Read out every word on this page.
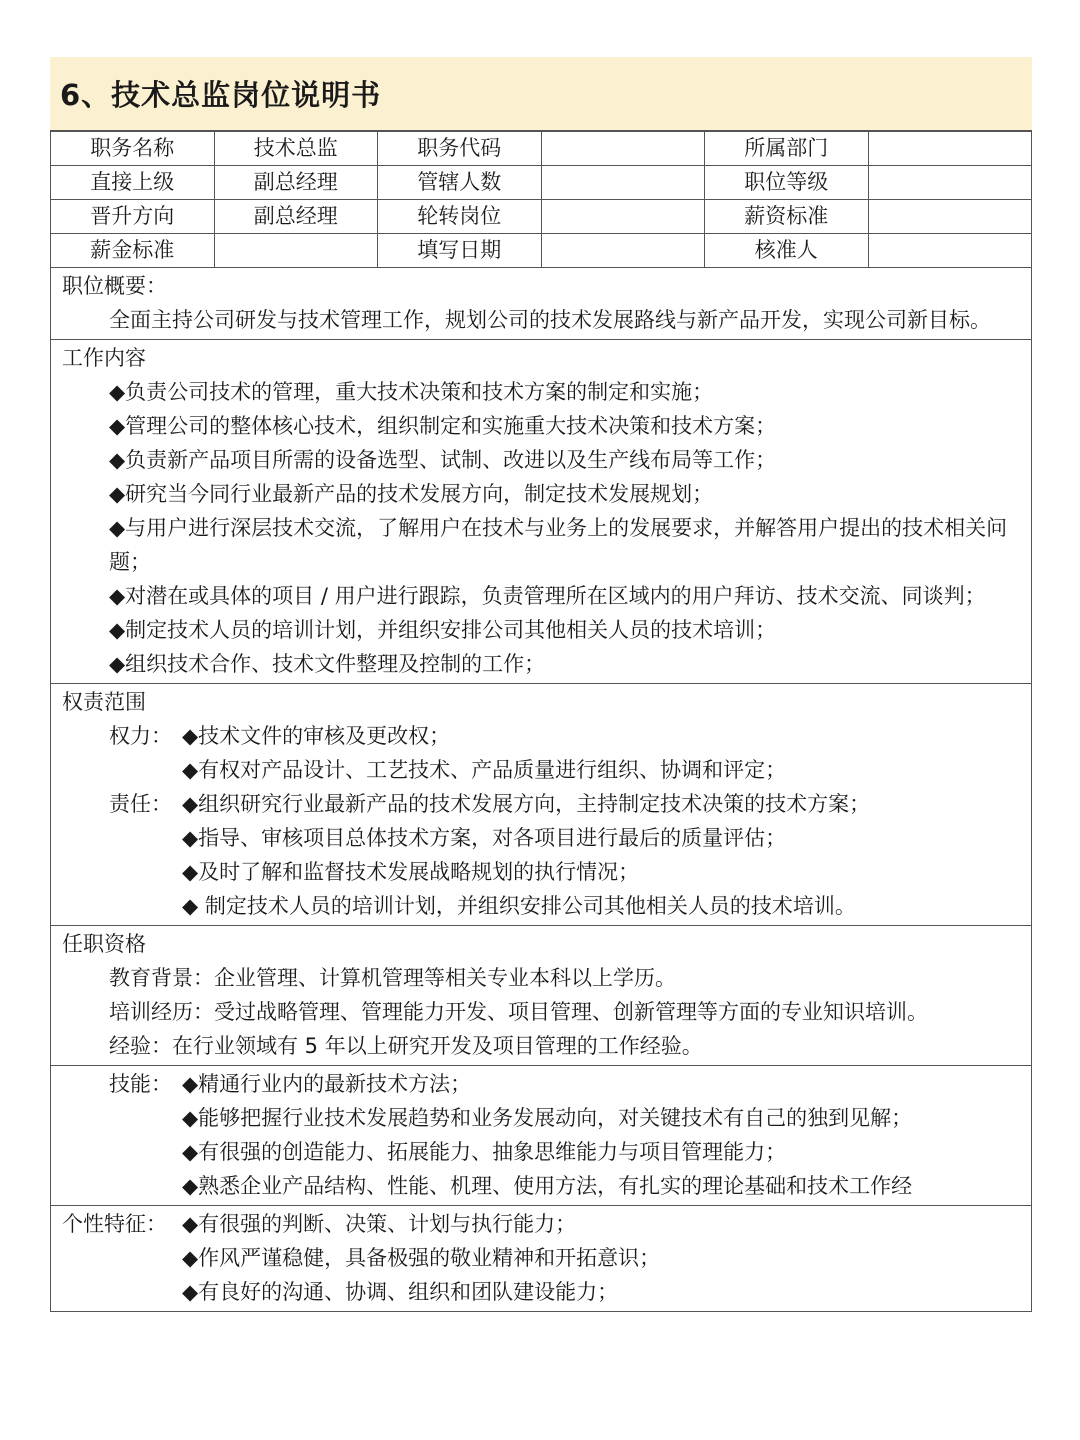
6、技术总监岗位说明书
职务名称	技术总监	职务代码		所属部门	
直接上级	副总经理	管辖人数		职位等级	
晋升方向	副总经理	轮转岗位		薪资标准	
薪金标准		填写日期		核准人	
职位概要：
全面主持公司研发与技术管理工作，规划公司的技术发展路线与新产品开发，实现公司新目标。
工作内容
◆负责公司技术的管理，重大技术决策和技术方案的制定和实施；
◆管理公司的整体核心技术，组织制定和实施重大技术决策和技术方案；
◆负责新产品项目所需的设备选型、试制、改进以及生产线布局等工作；
◆研究当今同行业最新产品的技术发展方向，制定技术发展规划；
◆与用户进行深层技术交流，了解用户在技术与业务上的发展要求，并解答用户提出的技术相关问题；
◆对潜在或具体的项目 / 用户进行跟踪，负责管理所在区域内的用户拜访、技术交流、同谈判；
◆制定技术人员的培训计划，并组织安排公司其他相关人员的技术培训；
◆组织技术合作、技术文件整理及控制的工作；
权责范围
权力： ◆技术文件的审核及更改权；
◆有权对产品设计、工艺技术、产品质量进行组织、协调和评定；
责任： ◆组织研究行业最新产品的技术发展方向，主持制定技术决策的技术方案；
◆指导、审核项目总体技术方案，对各项目进行最后的质量评估；
◆及时了解和监督技术发展战略规划的执行情况；
◆ 制定技术人员的培训计划，并组织安排公司其他相关人员的技术培训。
任职资格
教育背景：企业管理、计算机管理等相关专业本科以上学历。
培训经历：受过战略管理、管理能力开发、项目管理、创新管理等方面的专业知识培训。
经验：在行业领域有 5 年以上研究开发及项目管理的工作经验。
技能： ◆精通行业内的最新技术方法；
◆能够把握行业技术发展趋势和业务发展动向，对关键技术有自己的独到见解；
◆有很强的创造能力、拓展能力、抽象思维能力与项目管理能力；
◆熟悉企业产品结构、性能、机理、使用方法，有扎实的理论基础和技术工作经
个性特征： ◆有很强的判断、决策、计划与执行能力；
◆作风严谨稳健，具备极强的敬业精神和开拓意识；
◆有良好的沟通、协调、组织和团队建设能力；
